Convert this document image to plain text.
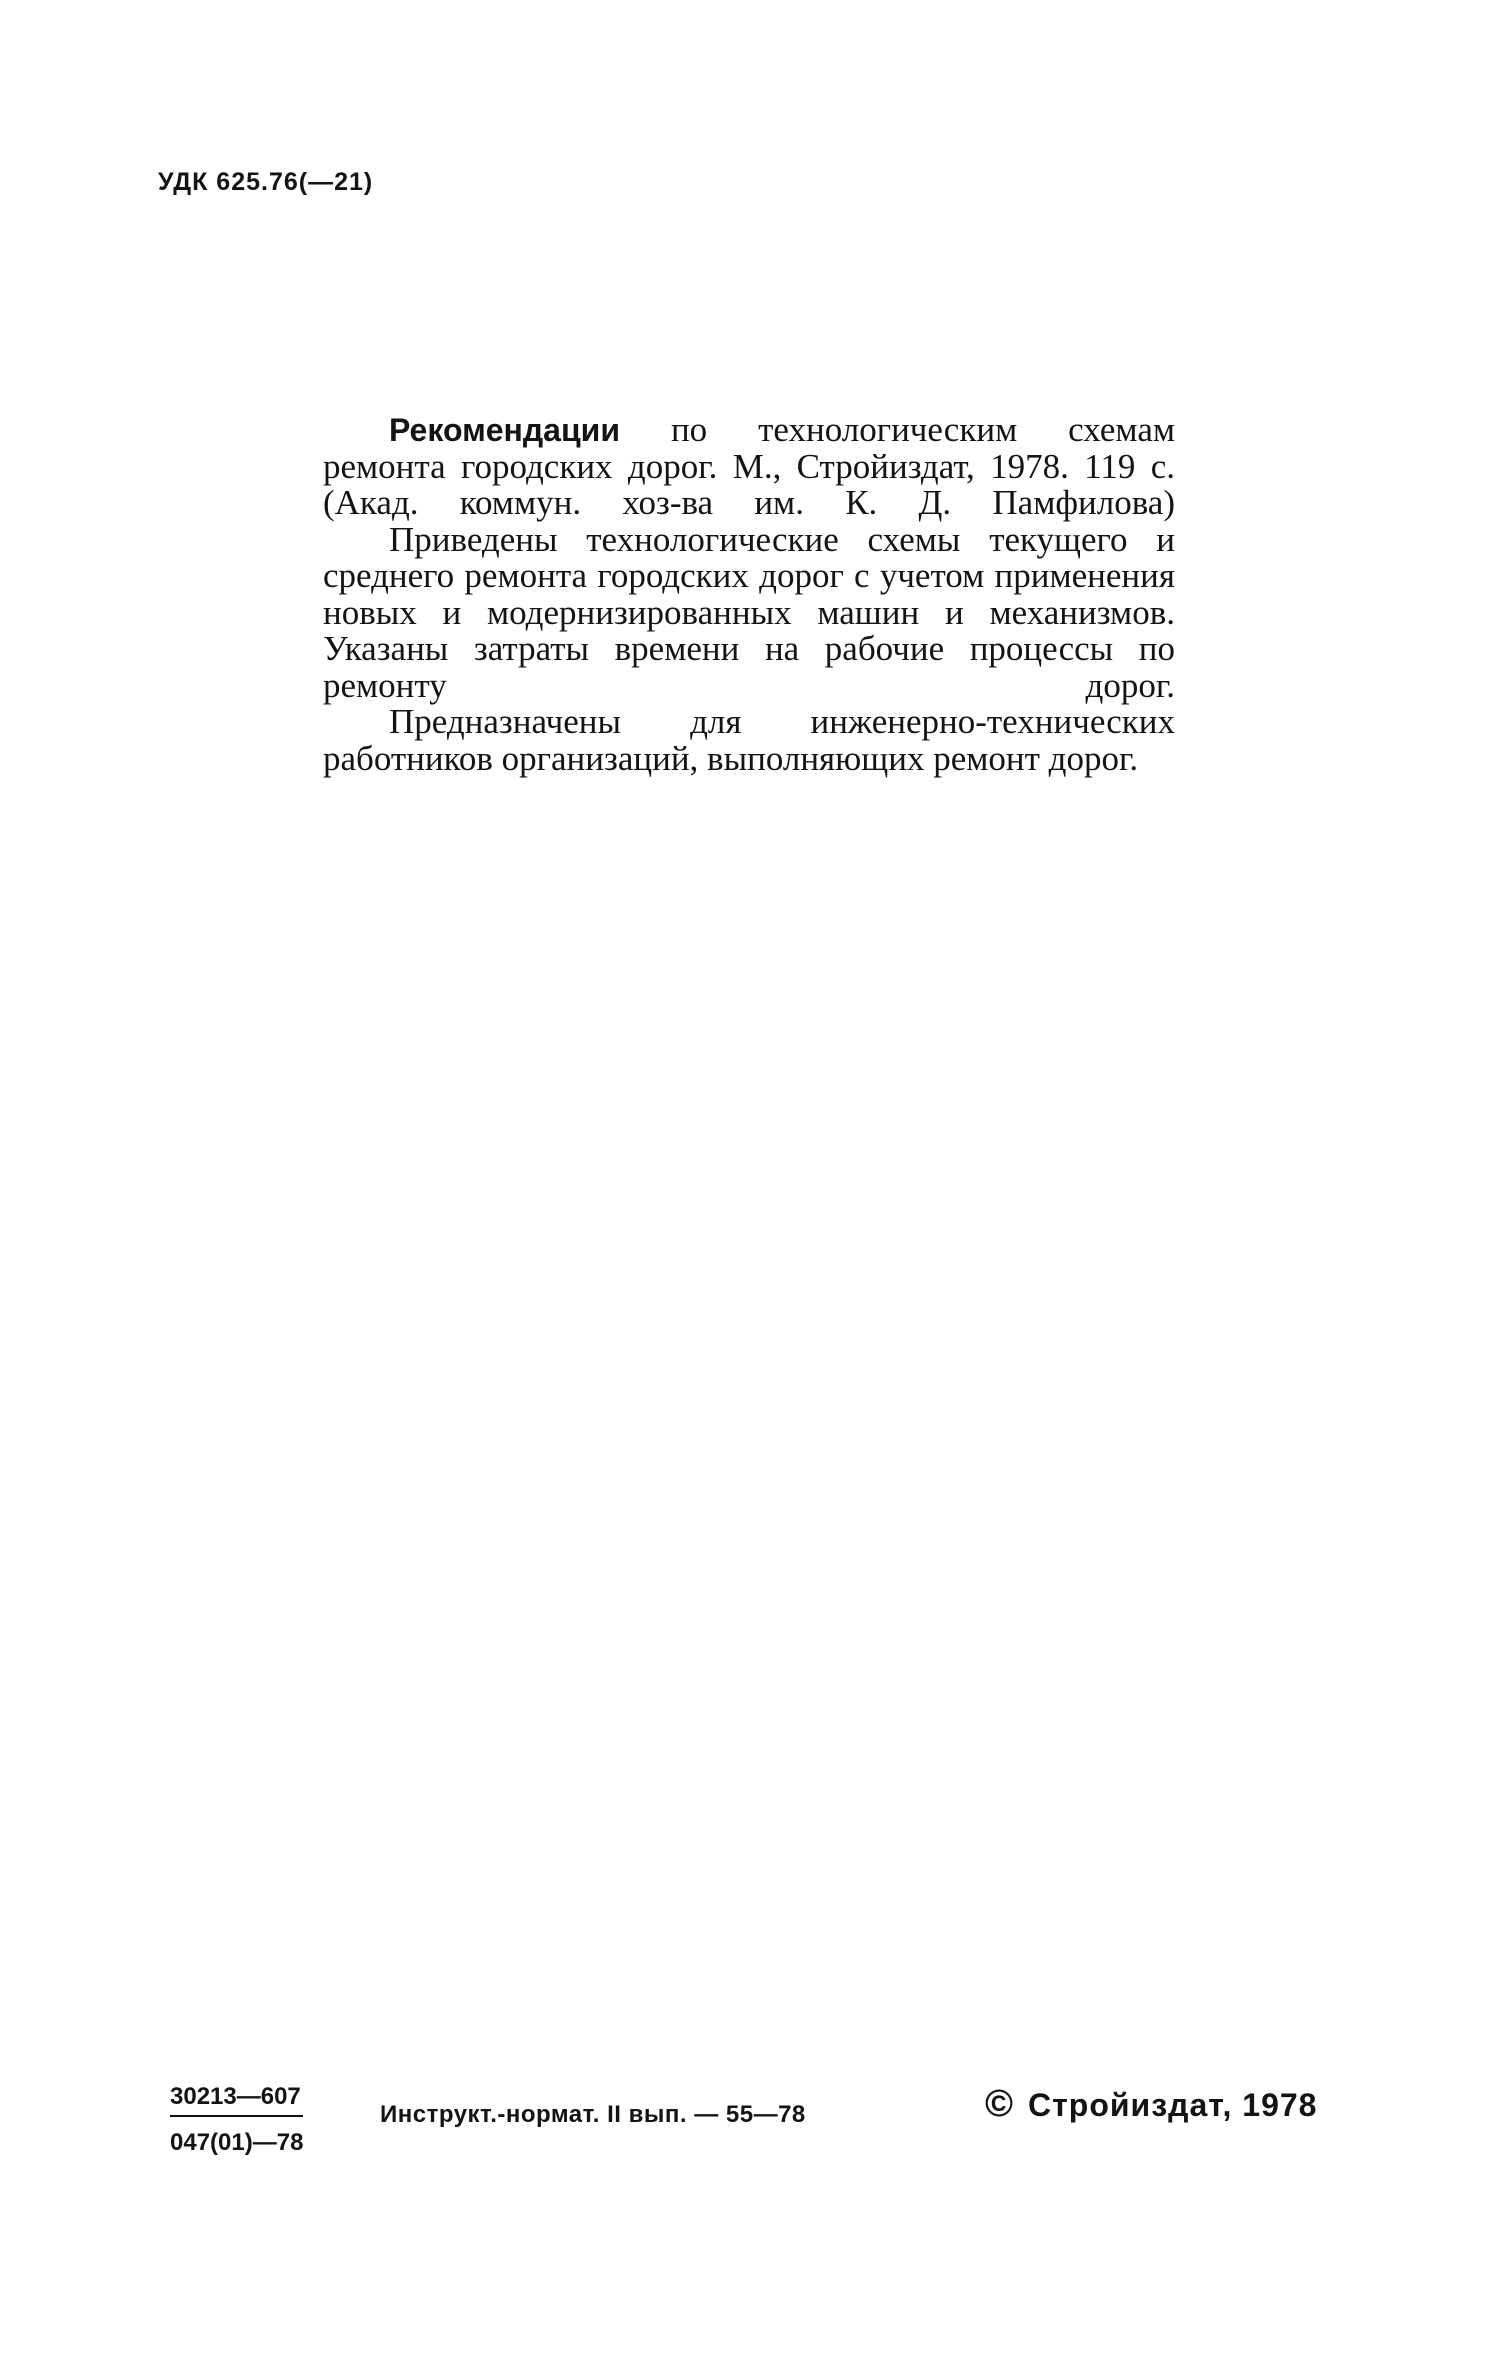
УДК 625.76(—21)

Рекомендации по технологическим схемам ремонта городских дорог. М., Стройиздат, 1978. 119 с. (Акад. коммун. хоз-ва им. К. Д. Памфилова)

Приведены технологические схемы текущего и среднего ремонта городских дорог с учетом применения новых и модернизированных машин и механизмов. Указаны затраты времени на рабочие процессы по ремонту дорог.

Предназначены для инженерно-технических работников организаций, выполняющих ремонт дорог.

$\frac{30213—607}{047(01)—78}$	Инструкт.-нормат. II вып. — 55—78	© Стройиздат, 1978
